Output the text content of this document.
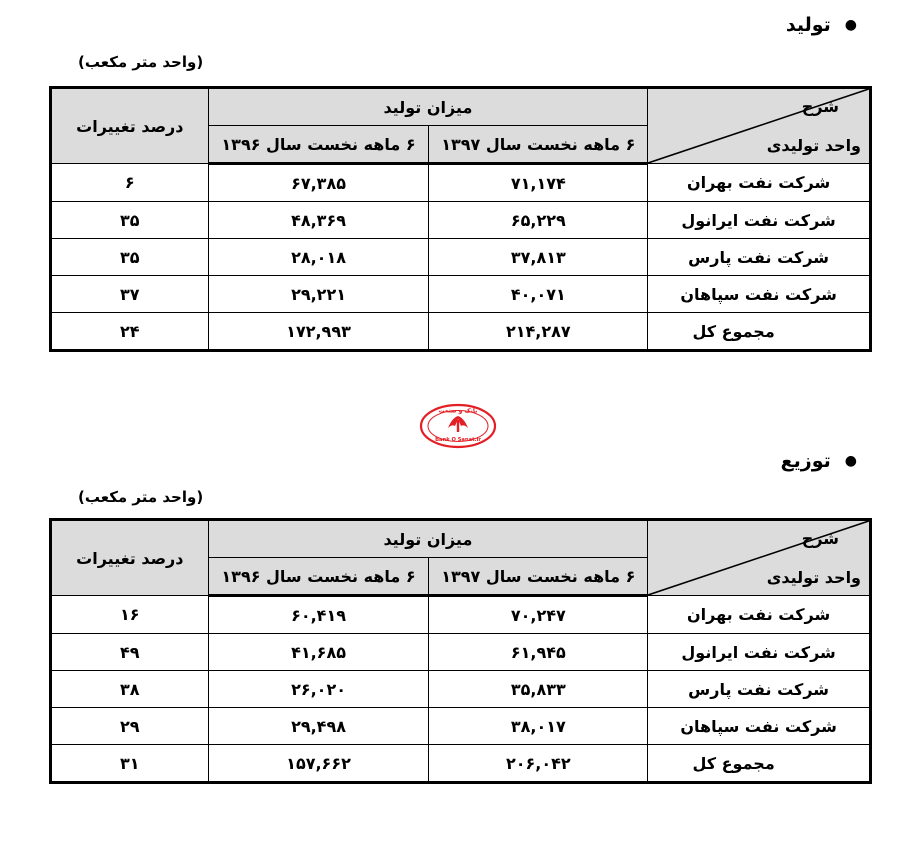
●
تولید
(واحد متر مکعب)
شرح
واحد تولیدی	میزان تولید		درصد تغییرات
	۶ ماهه نخست سال ۱۳۹۷	۶ ماهه نخست سال ۱۳۹۶	
شرکت نفت بهران	۷۱,۱۷۴	۶۷,۳۸۵	۶
شرکت نفت ایرانول	۶۵,۲۲۹	۴۸,۳۶۹	۳۵
شرکت نفت پارس	۳۷,۸۱۳	۲۸,۰۱۸	۳۵
شرکت نفت سپاهان	۴۰,۰۷۱	۲۹,۲۲۱	۳۷
مجموع کل	۲۱۴,۲۸۷	۱۷۲,۹۹۳	۲۴
بانک و صنعت
Bank O Sanat.ir
●
توزیع
(واحد متر مکعب)
شرح
واحد تولیدی	میزان تولید		درصد تغییرات
	۶ ماهه نخست سال ۱۳۹۷	۶ ماهه نخست سال ۱۳۹۶	
شرکت نفت بهران	۷۰,۲۴۷	۶۰,۴۱۹	۱۶
شرکت نفت ایرانول	۶۱,۹۴۵	۴۱,۶۸۵	۴۹
شرکت نفت پارس	۳۵,۸۳۳	۲۶,۰۲۰	۳۸
شرکت نفت سپاهان	۳۸,۰۱۷	۲۹,۴۹۸	۲۹
مجموع کل	۲۰۶,۰۴۲	۱۵۷,۶۶۲	۳۱
